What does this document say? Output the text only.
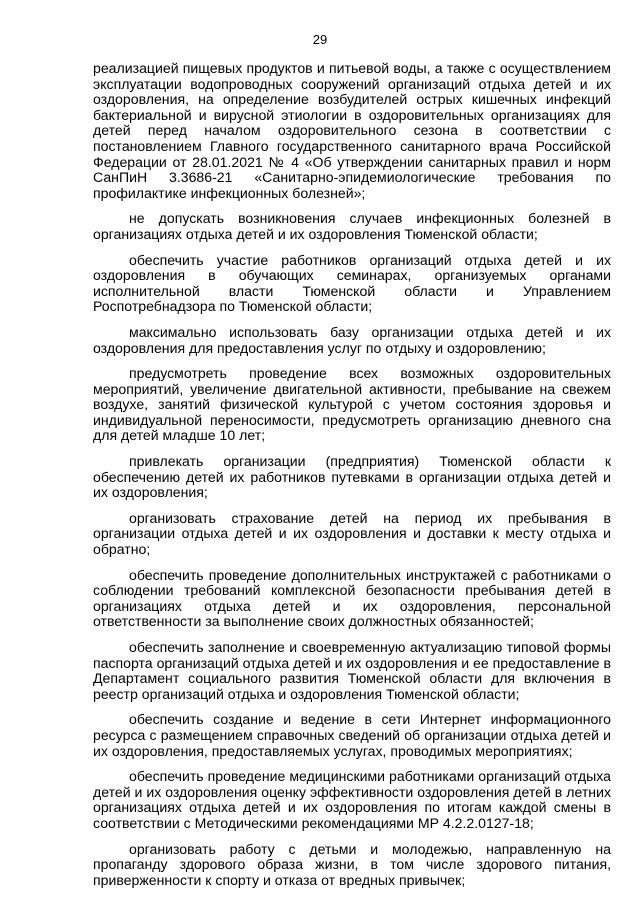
29

реализацией пищевых продуктов и питьевой воды, а также с осуществлением эксплуатации водопроводных сооружений организаций отдыха детей и их оздоровления, на определение возбудителей острых кишечных инфекций бактериальной и вирусной этиологии в оздоровительных организациях для детей перед началом оздоровительного сезона в соответствии с постановлением Главного государственного санитарного врача Российской Федерации от 28.01.2021 № 4 «Об утверждении санитарных правил и норм СанПиН 3.3686-21 «Санитарно-эпидемиологические требования по профилактике инфекционных болезней»;

не допускать возникновения случаев инфекционных болезней в организациях отдыха детей и их оздоровления Тюменской области;

обеспечить участие работников организаций отдыха детей и их оздоровления в обучающих семинарах, организуемых органами исполнительной власти Тюменской области и Управлением Роспотребнадзора по Тюменской области;

максимально использовать базу организации отдыха детей и их оздоровления для предоставления услуг по отдыху и оздоровлению;

предусмотреть проведение всех возможных оздоровительных мероприятий, увеличение двигательной активности, пребывание на свежем воздухе, занятий физической культурой с учетом состояния здоровья и индивидуальной переносимости, предусмотреть организацию дневного сна для детей младше 10 лет;

привлекать организации (предприятия) Тюменской области к обеспечению детей их работников путевками в организации отдыха детей и их оздоровления;

организовать страхование детей на период их пребывания в организации отдыха детей и их оздоровления и доставки к месту отдыха и обратно;

обеспечить проведение дополнительных инструктажей с работниками о соблюдении требований комплексной безопасности пребывания детей в организациях отдыха детей и их оздоровления, персональной ответственности за выполнение своих должностных обязанностей;

обеспечить заполнение и своевременную актуализацию типовой формы паспорта организаций отдыха детей и их оздоровления и ее предоставление в Департамент социального развития Тюменской области для включения в реестр организаций отдыха и оздоровления Тюменской области;

обеспечить создание и ведение в сети Интернет информационного ресурса с размещением справочных сведений об организации отдыха детей и их оздоровления, предоставляемых услугах, проводимых мероприятиях;

обеспечить проведение медицинскими работниками организаций отдыха детей и их оздоровления оценку эффективности оздоровления детей в летних организациях отдыха детей и их оздоровления по итогам каждой смены в соответствии с Методическими рекомендациями МР 4.2.2.0127-18;

организовать работу с детьми и молодежью, направленную на пропаганду здорового образа жизни, в том числе здорового питания, приверженности к спорту и отказа от вредных привычек;
